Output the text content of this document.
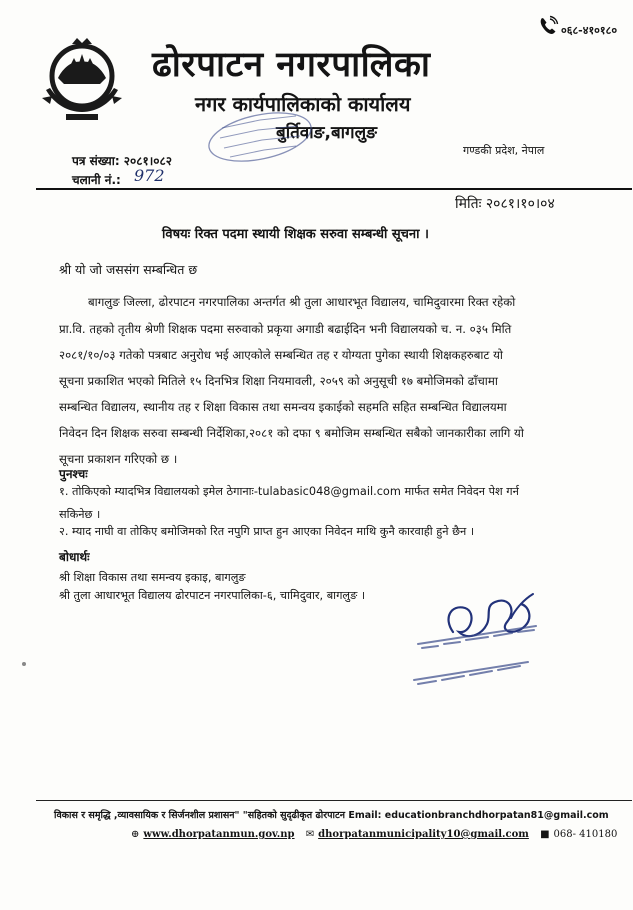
०६८-४१०१८०
ढोरपाटन नगरपालिका
नगर कार्यपालिकाको कार्यालय
बुर्तिवाङ,बागलुङ
गण्डकी प्रदेश, नेपाल
पत्र संख्या: २०८१।०८२
चलानी नं.: 972
मितिः २०८१।१०।०४
विषयः रिक्त पदमा स्थायी शिक्षक सरुवा सम्बन्धी सूचना ।
श्री यो जो जससंग सम्बन्धित छ
बागलुङ जिल्ला, ढोरपाटन नगरपालिका अन्तर्गत श्री तुला आधारभूत विद्यालय, चामिदुवारमा रिक्त रहेको
प्रा.वि. तहको तृतीय श्रेणी शिक्षक पदमा सरुवाको प्रकृया अगाडी बढाईदिन भनी विद्यालयको च. न. ०३५ मिति
२०८१/१०/०३ गतेको पत्रबाट अनुरोध भई आएकोले सम्बन्धित तह र योग्यता पुगेका स्थायी शिक्षकहरुबाट यो
सूचना प्रकाशित भएको मितिले १५ दिनभित्र शिक्षा नियमावली, २०५९ को अनुसूची १७ बमोजिमको ढाँचामा
सम्बन्धित विद्यालय, स्थानीय तह र शिक्षा विकास तथा समन्वय इकाईको सहमति सहित सम्बन्धित विद्यालयमा
निवेदन दिन शिक्षक सरुवा सम्बन्धी निर्देशिका,२०८१ को दफा ९ बमोजिम सम्बन्धित सबैको जानकारीका लागि यो
सूचना प्रकाशन गरिएको छ ।
पुनश्चः
१. तोकिएको म्यादभित्र विद्यालयको इमेल ठेगानाः-tulabasic048@gmail.com मार्फत समेत निवेदन पेश गर्न
सकिनेछ ।
२. म्याद नाघी वा तोकिए बमोजिमको रित नपुगि प्राप्त हुन आएका निवेदन माथि कुनै कारवाही हुने छैन ।
बोधार्थः
श्री शिक्षा विकास तथा समन्वय इकाइ, बागलुङ
श्री तुला आधारभूत विद्यालय ढोरपाटन नगरपालिका-६, चामिदुवार, बागलुङ ।
विकास र समृद्धि ,व्यावसायिक र सिर्जनशील प्रशासन" "सहितको सुदृढीकृत ढोरपाटन Email: educationbranchdhorpatan81@gmail.com
⊕ www.dhorpatanmun.gov.np ✉ dhorpatanmunicipality10@gmail.com ■ 068- 410180
